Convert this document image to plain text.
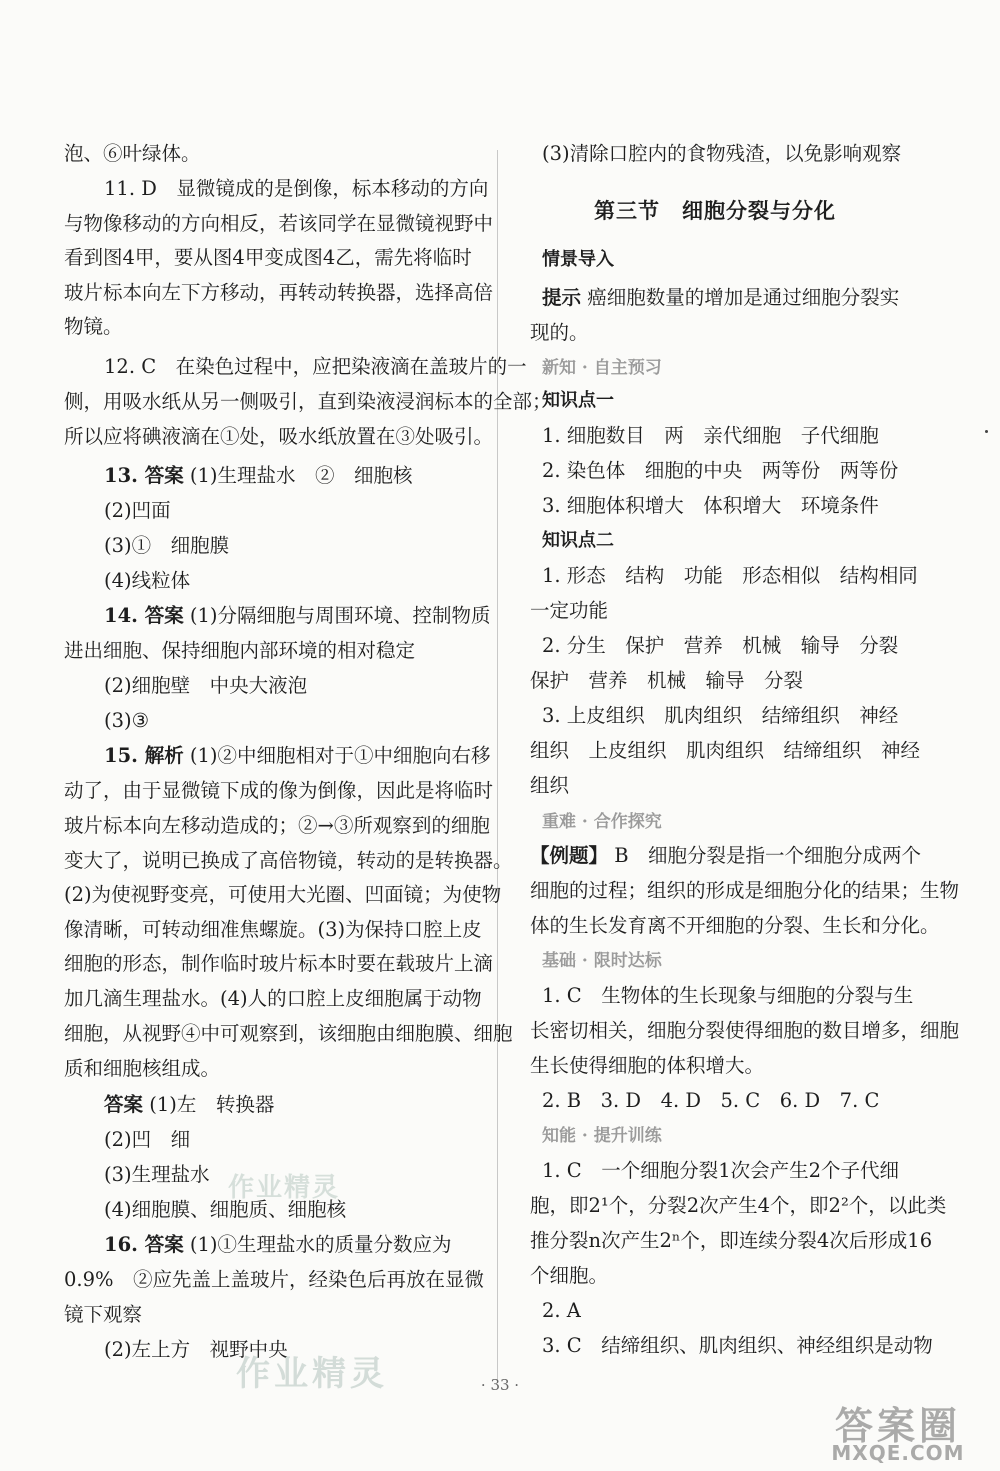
泡、⑥叶绿体。
11. D　显微镜成的是倒像，标本移动的方向
与物像移动的方向相反，若该同学在显微镜视野中
看到图4甲，要从图4甲变成图4乙，需先将临时
玻片标本向左下方移动，再转动转换器，选择高倍
物镜。
12. C　在染色过程中，应把染液滴在盖玻片的一
侧，用吸水纸从另一侧吸引，直到染液浸润标本的全部；
所以应将碘液滴在①处，吸水纸放置在③处吸引。
13. 答案 (1)生理盐水　②　细胞核
(2)凹面
(3)①　细胞膜
(4)线粒体
14. 答案 (1)分隔细胞与周围环境、控制物质
进出细胞、保持细胞内部环境的相对稳定
(2)细胞壁　中央大液泡
(3)③
15. 解析 (1)②中细胞相对于①中细胞向右移
动了，由于显微镜下成的像为倒像，因此是将临时
玻片标本向左移动造成的；②→③所观察到的细胞
变大了，说明已换成了高倍物镜，转动的是转换器。
(2)为使视野变亮，可使用大光圈、凹面镜；为使物
像清晰，可转动细准焦螺旋。(3)为保持口腔上皮
细胞的形态，制作临时玻片标本时要在载玻片上滴
加几滴生理盐水。(4)人的口腔上皮细胞属于动物
细胞，从视野④中可观察到，该细胞由细胞膜、细胞
质和细胞核组成。
答案 (1)左　转换器
(2)凹　细
(3)生理盐水
(4)细胞膜、细胞质、细胞核
16. 答案 (1)①生理盐水的质量分数应为
0.9%　②应先盖上盖玻片，经染色后再放在显微
镜下观察
(2)左上方　视野中央
(3)清除口腔内的食物残渣，以免影响观察
第三节　细胞分裂与分化
情景导入
提示 癌细胞数量的增加是通过细胞分裂实
现的。
新知 · 自主预习
知识点一
1. 细胞数目　两　亲代细胞　子代细胞
2. 染色体　细胞的中央　两等份　两等份
3. 细胞体积增大　体积增大　环境条件
知识点二
1. 形态　结构　功能　形态相似　结构相同
一定功能
2. 分生　保护　营养　机械　输导　分裂
保护　营养　机械　输导　分裂
3. 上皮组织　肌肉组织　结缔组织　神经
组织　上皮组织　肌肉组织　结缔组织　神经
组织
重难 · 合作探究
【例题】 B　细胞分裂是指一个细胞分成两个
细胞的过程；组织的形成是细胞分化的结果；生物
体的生长发育离不开细胞的分裂、生长和分化。
基础 · 限时达标
1. C　生物体的生长现象与细胞的分裂与生
长密切相关，细胞分裂使得细胞的数目增多，细胞
生长使得细胞的体积增大。
2. B　3. D　4. D　5. C　6. D　7. C
知能 · 提升训练
1. C　一个细胞分裂1次会产生2个子代细
胞，即2¹个，分裂2次产生4个，即2²个，以此类
推分裂n次产生2ⁿ个，即连续分裂4次后形成16
个细胞。
2. A
3. C　结缔组织、肌肉组织、神经组织是动物
作业精灵
作业精灵	· 33 ·
答案圈
MXQE.COM
